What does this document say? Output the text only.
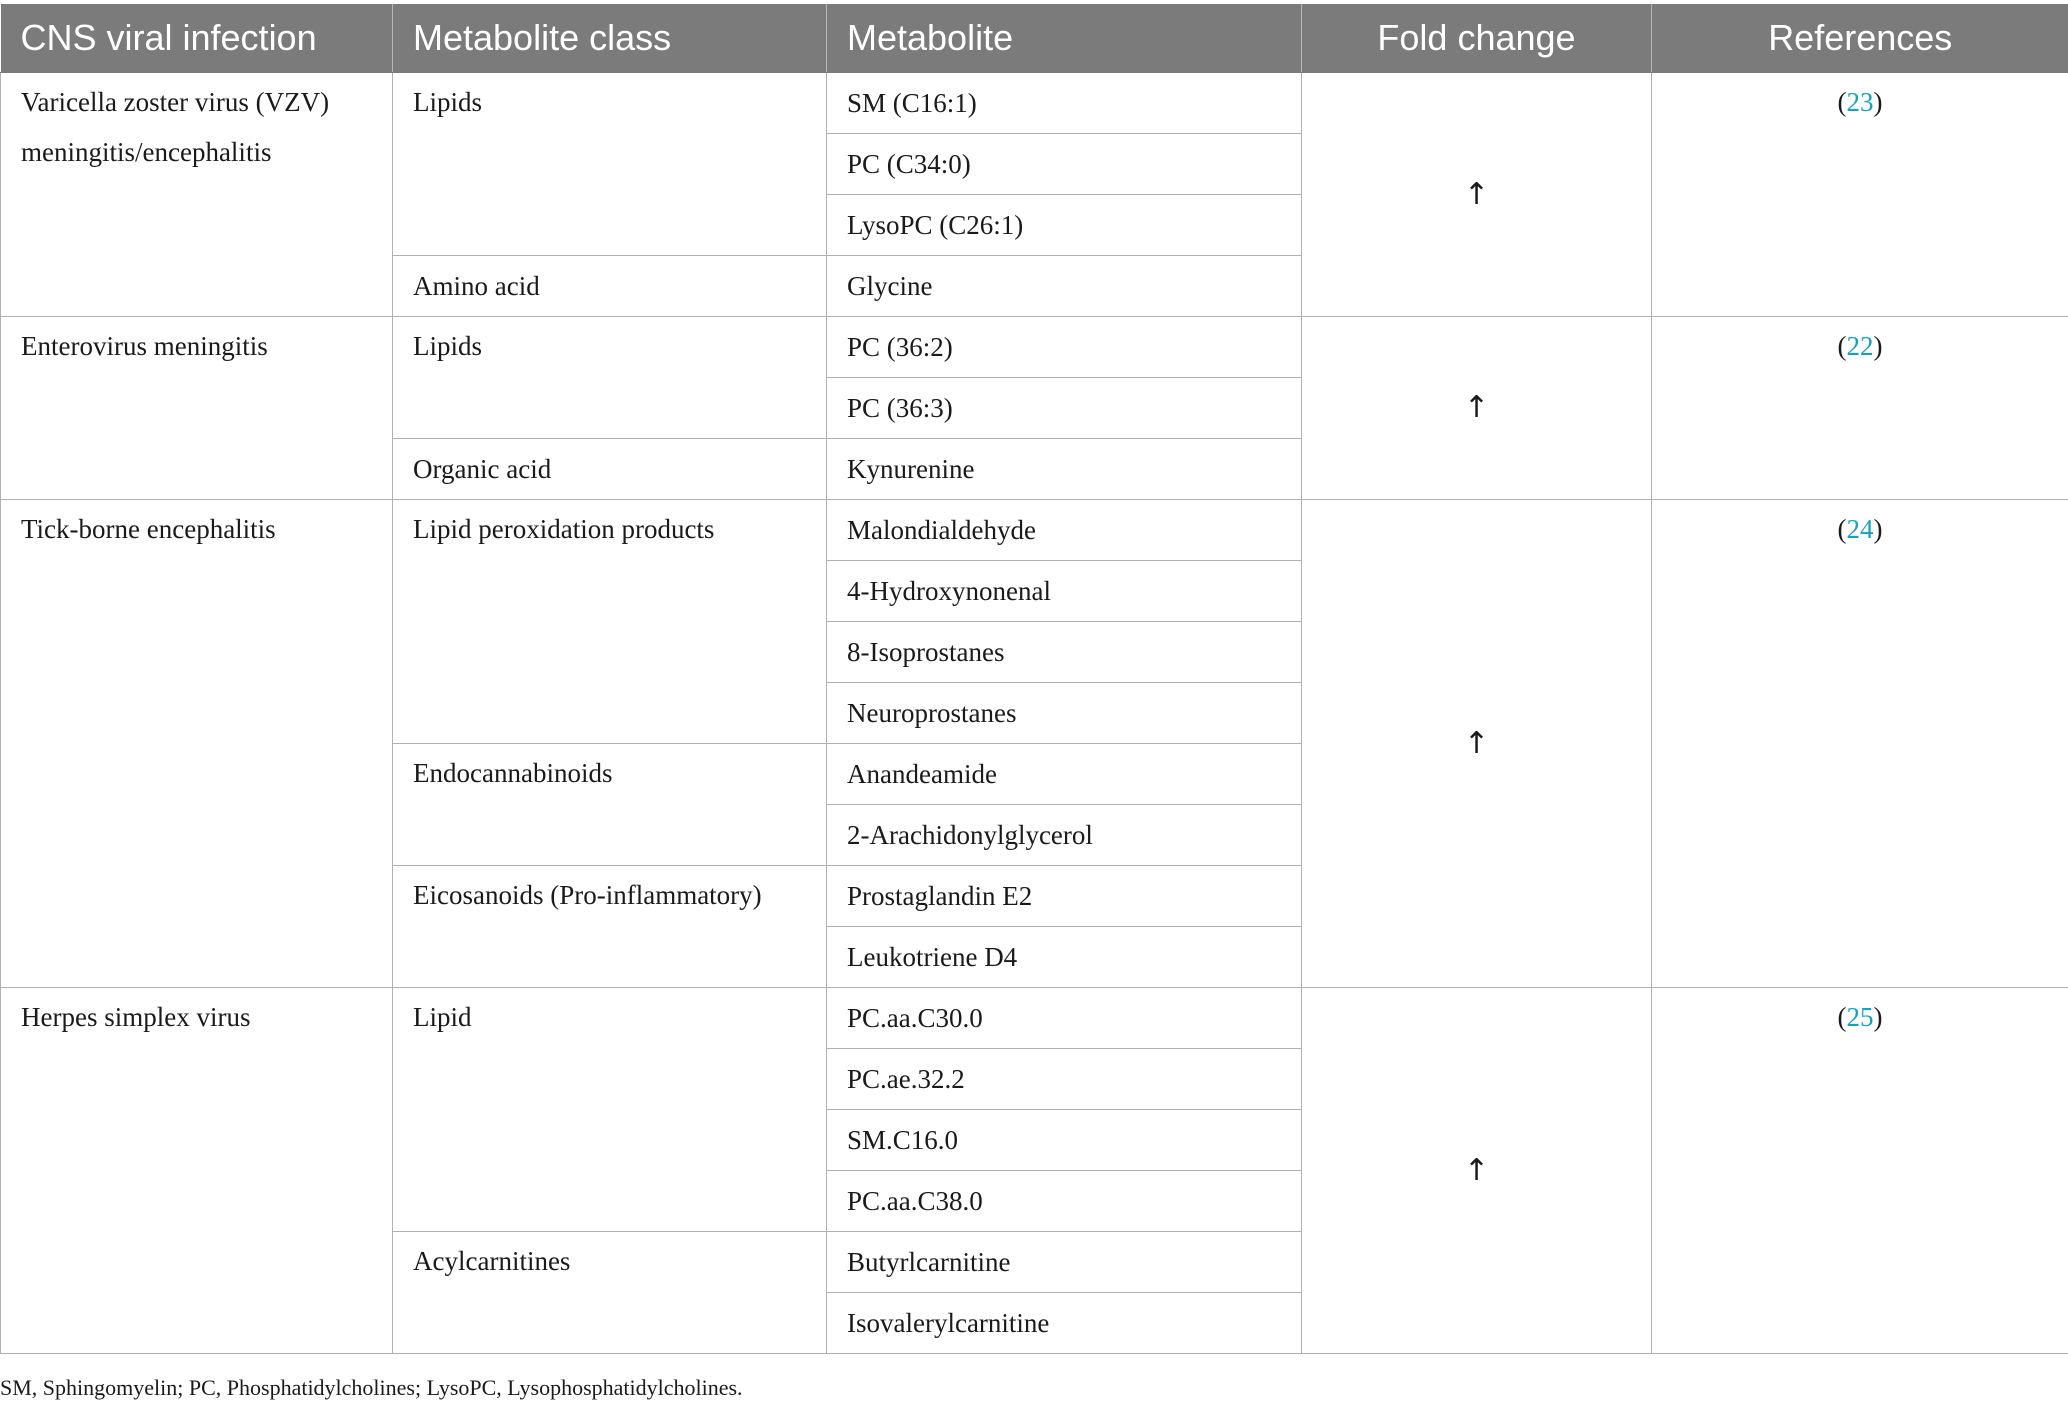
CNS viral infection	Metabolite class	Metabolite	Fold change	References
Varicella zoster virus (VZV) meningitis/encephalitis	Lipids	SM (C16:1)	↑	(23)
		PC (C34:0)		
		LysoPC (C26:1)		
	Amino acid	Glycine		
Enterovirus meningitis	Lipids	PC (36:2)	↑	(22)
		PC (36:3)		
	Organic acid	Kynurenine		
Tick-borne encephalitis	Lipid peroxidation products	Malondialdehyde	↑	(24)
		4-Hydroxynonenal		
		8-Isoprostanes		
		Neuroprostanes		
	Endocannabinoids	Anandeamide		
		2-Arachidonylglycerol		
	Eicosanoids (Pro-inflammatory)	Prostaglandin E2		
		Leukotriene D4		
Herpes simplex virus	Lipid	PC.aa.C30.0	↑	(25)
		PC.ae.32.2		
		SM.C16.0		
		PC.aa.C38.0		
	Acylcarnitines	Butyrlcarnitine		
		Isovalerylcarnitine		
SM, Sphingomyelin; PC, Phosphatidylcholines; LysoPC, Lysophosphatidylcholines.
